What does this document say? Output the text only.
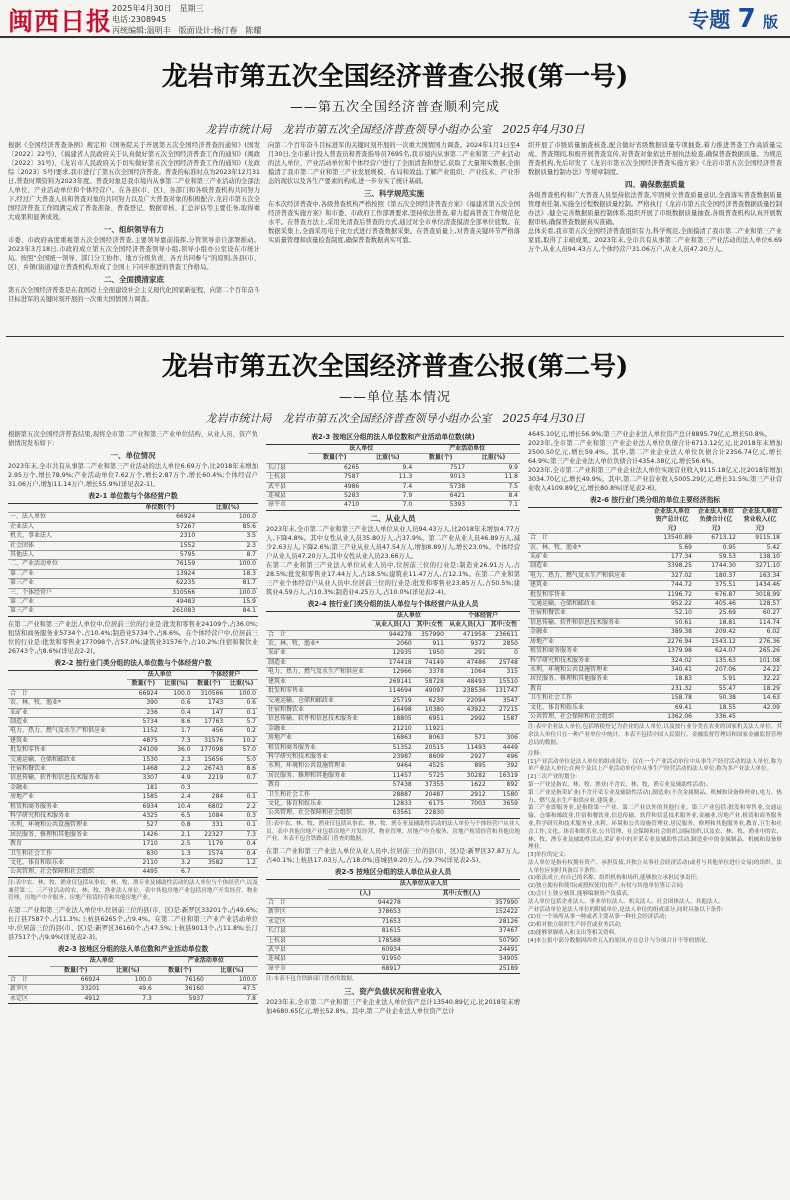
闽西日报 2025年4月30日　星期三
电话:2308945
丙统编辑:温明丰　版面设计:杨汀春　陈耀	专题 7 版
龙岩市第五次全国经济普查公报(第一号)
——第五次全国经济普查顺利完成
龙岩市统计局　龙岩市第五次全国经济普查领导小组办公室　2025年4月30日

根据《全国经济普查条例》规定和《国务院关于开展第五次全国经济普查的通知》(国发〔2022〕22号)、《福建省人民政府关于认真做好第五次全国经济普查工作的通知》(闽政〔2022〕31号)、《龙岩市人民政府关于切实做好第五次全国经济普查工作的通知》(龙政综〔2023〕5号)要求,我市进行了第五次全国经济普查。普查的标准时点为2023年12月31日,普查时期资料为2023年度。普查对象是我市境内从事第二产业和第三产业活动的全部法人单位、产业活动单位和个体经营户。在各县(市、区)、各部门和各级普查机构共同努力下,经过广大普查人员和普查对象的共同努力以及广大普查对象的积极配合,龙岩市第五次全国经济普查工作圆满完成了普查准备、普查登记、数据审核、汇总评估等主要任务,取得重大成果和显著成效。

一、组织领导有力

市委、市政府高度重视第五次全国经济普查,主要领导靠前指挥,分管领导亲自部署推动。2023年3月18日,市政府成立第五次全国经济普查领导小组,领导小组办公室设在市统计局。按照“全国统一领导、部门分工协作、地方分级负责、各方共同参与”的原则,各县(市、区)、乡镇(街道)建立普查机构,形成了全国上下同步推进的普查工作格局。

二、全面摸清家底

第五次全国经济普查是在我国迈上全面建设社会主义现代化国家新征程、向第二个百年奋斗目标进军的关键时刻开展的一次重大国情国力调查。

向第二个百年奋斗目标进军的关键时刻开展的一次重大国情国力调查。2024年1月1日至4月30日,全市累计投入普查员和普查指导员7695名,我市境内从事第二产业和第三产业活动的法人单位、产业活动单位和个体经营户进行了全面清查和登记,获取了大量翔实数据,全面摸清了我市第二产业和第三产业发展规模、布局和效益,了解产业组织、产业技术、产业形态的现状以及各生产要素的构成,进一步夯实了统计基础。

三、科学规范实施

在本次经济普查中,各级普查机构严格按照《第五次全国经济普查方案》《福建省第五次全国经济普查实施方案》和市委、市政府工作部署要求,坚持依法普查,着力提高普查工作规范化水平。在普查方法上,采用先清查后普查的方式,通过对全市单位清查摸清全部单位底数。在数据采集上,全面采用电子化方式进行普查数据采集。在普查质量上,对普查关键环节严格落实质量管理和质量检查制度,确保普查数据真实可靠。

织开展了市级质量抽查核查,配合做好省级数据质量专项抽查,着力推进普查工作高质量完成。普查期间,积极开展普查宣传,对普查对象依法开展执法检查,确保普查数据质量。为规范普查机构,先后印发了《龙岩市第五次全国经济普查实施方案》《龙岩市第五次全国经济普查数据质量控制办法》等规章制度。

四、确保数据质量

各级普查机构和广大普查人员坚持依法普查,牢固树立普查质量意识,全面落实普查数据质量管理责任制,实施全过程数据质量控制。严格执行《龙岩市第五次全国经济普查数据质量控制办法》,健全完善数据质量控制体系,组织开展了市级数据质量抽查,各级普查机构认真开展数据审核,确保普查数据真实准确。

总体来看,我市第五次全国经济普查组织有力,科学规范,全面摸清了我市第二产业和第三产业家底,取得了丰硕成果。2023年末,全市共有从事第二产业和第三产业活动的法人单位6.69万个,从业人员94.43万人,个体经营户31.06万户,从业人员47.20万人。

龙岩市第五次全国经济普查公报(第二号)
——单位基本情况
龙岩市统计局　龙岩市第五次全国经济普查领导小组办公室　2025年4月30日

根据第五次全国经济普查结果,现将全市第二产业和第三产业单位结构、从业人员、资产负债情况发布如下:

一、单位情况

2023年末,全市共有从事第二产业和第三产业活动的法人单位6.69万个,比2018年末增加2.95万个,增长78.9%;产业活动单位7.62万个,增长2.87万个,增长60.4%;个体经营户31.06万户,增加11.14万户,增长55.9%(详见表2-1)。

表2-1 单位数与个体经营户数
	单位数(个)	比重(%)
一、法人单位	66924	100.0
企业法人	57267	85.6
机关、事业法人	2310	3.5
社会团体	1552	2.3
其他法人	5795	8.7
二、产业活动单位	76159	100.0
第二产业	13924	18.3
第三产业	62235	81.7
三、个体经营户	310566	100.0
第二产业	49483	15.9
第三产业	261083	84.1

在第二产业和第三产业法人单位中,位居前三位的行业是:批发和零售业24109个,占36.0%;租赁和商务服务业5734个,占10.4%;制造业5734个,占8.6%。在个体经营户中,位居前三位的行业是:批发和零售业177098个,占57.0%;建筑业31576个,占10.2%;住宿和餐饮业26743个,占8.6%(详见表2-2)。

表2-2 按行业门类分组的法人单位数与个体经营户数
	法人单位		个体经营户	
	数量(个)	比重(%)	数量(个)	比重(%)
合　计	66924	100.0	310566	100.0
农、林、牧、渔业*	390	0.6	1743	0.6
采矿业	236	0.4	147	0.1
制造业	5734	8.6	17763	5.7
电力、热力、燃气及水生产和供应业	1152	1.7	456	0.2
建筑业	4875	7.3	31576	10.2
批发和零售业	24109	36.0	177098	57.0
交通运输、仓储和邮政业	1530	2.3	15656	5.0
住宿和餐饮业	1468	2.2	26743	8.6
信息传输、软件和信息技术服务业	3307	4.9	2219	0.7
金融业	181	0.3		
房地产业	1585	2.4	284	0.1
租赁和商务服务业	6934	10.4	6802	2.2
科学研究和技术服务业	4325	6.5	1084	0.3
水利、环境和公共设施管理业	527	0.8	331	0.1
居民服务、修理和其他服务业	1426	2.1	22327	7.3
教育	1710	2.5	1179	0.4
卫生和社会工作	830	1.3	1574	0.4
文化、体育和娱乐业	2110	3.2	3582	1.2
公共管理、社会保障和社会组织	4495	6.7		

注:表中农、林、牧、渔业仅包括从事农、林、牧、渔专业及辅助性活动的法人单位与个体经营户,以及兼营第二、三产业活动的农、林、牧、渔业法人单位。表中其他房地产业包括房地产开发经营、物业管理、房地产中介服务、房地产租赁经营和其他房地产业。

在第二产业和第三产业法人单位中,位居前三位的县(市、区)是:新罗区33201个,占49.6%;长汀县7587个,占11.3%;上杭县6265个,占9.4%。在第二产业和第三产业产业活动单位中,位居前三位的县(市、区)是:新罗区36160个,占47.5%;上杭县9013个,占11.8%;长汀县7517个,占9.9%(详见表2-3)。

表2-3 按地区分组的法人单位数和产业活动单位数
	法人单位		产业活动单位	
	数量(个)	比重(%)	数量(个)	比重(%)
合　计	66924	100.0	76160	100.0
新罗区	33201	49.6	36160	47.5
永定区	4912	7.3	5937	7.8
表2-3 按地区分组的法人单位数和产业活动单位数(续)
	法人单位		产业活动单位	
	数量(个)	比重(%)	数量(个)	比重(%)
长汀县	6265	9.4	7517	9.9
上杭县	7587	11.3	9013	11.8
武平县	4986	7.4	5738	7.5
连城县	5283	7.9	6421	8.4
漳平市	4710	7.0	5393	7.1
二、从业人员

2023年末,全市第二产业和第三产业法人单位从业人员94.43万人,比2018年末增加4.77万人,下降4.8%。其中女性从业人员35.80万人,占37.9%。第二产业从业人员46.89万人,减少2.63万人,下降2.6%;第三产业从业人员47.54万人,增加8.89万人,增长23.0%。个体经营户从业人员47.20万人,其中女性从业人员23.66万人。

在第二产业和第三产业法人单位从业人员中,位居前三位的行业是:制造业26.91万人,占28.5%;批发和零售业17.44万人,占18.5%;建筑业11.47万人,占12.1%。在第二产业和第三产业个体经营户从业人员中,位居前三位的行业是:批发和零售业23.85万人,占50.5%;建筑业4.59万人,占10.3%;制造业4.25万人,占10.0%(详见表2-4)。

表2-4 按行业门类分组的法人单位与个体经营户从业人员
	法人单位		个体经营户	
	从业人员(人)	其中:女性	从业人员(人)	其中:女性
合　计	944278	357990	471958	236611
农、林、牧、渔业*	2060	911	9372	2850
采矿业	12935	1950	291	0
制造业	174418	74149	47486	25748
电力、热力、燃气及水生产和供应业	12966	3378	1064	315
建筑业	269141	58728	48493	15510
批发和零售业	114694	49097	238536	131747
交通运输、仓储和邮政业	25719	6239	22094	3547
住宿和餐饮业	16498	10380	43922	27215
信息传输、软件和信息技术服务业	18805	6951	2992	1587
金融业	21210	11921		
房地产业	16863	8063	571	306
租赁和商务服务业	51352	20515	11493	4449
科学研究和技术服务业	23987	8609	2927	496
水利、环境和公共设施管理业	9464	4525	895	392
居民服务、修理和其他服务业	11457	5725	30282	16319
教育	57438	37355	1622	892
卫生和社会工作	28887	20487	2912	1580
文化、体育和娱乐业	12833	6175	7003	3659
公共管理、社会保障和社会组织	63561	22830		

注:表中农、林、牧、渔业仅包括从事农、林、牧、渔专业及辅助性活动的法人单位与个体经营户从业人员。表中其他房地产业包括房地产开发经营、物业管理、房地产中介服务、房地产租赁经营和其他房地产业。本表不包含铁路部门普查的数据。

在第二产业和第三产业法人单位从业人员中,位居前三位的县(市、区)是:新罗区37.87万人,占40.1%;上杭县17.03万人,占18.0%;连城县9.20万人,占9.7%(详见表2-5)。

表2-5 按地区分组的法人单位从业人员
	法人单位从业人员	
	(人)	其中:女性(人)
合　计	944278	357990
新罗区	378653	152422
永定区	71653	28126
长汀县	81615	37467
上杭县	178588	50790
武平县	60934	24491
连城县	91950	34905
漳平市	68917	25189

注:本表不包含铁路部门普查的数据。

三、资产负债状况和营业收入

2023年末,全市第二产业和第三产业企业法人单位资产总计13540.89亿元,比2018年末增加4680.65亿元,增长52.8%。其中,第二产业企业法人单位资产总计

4645.10亿元,增长56.9%;第三产业企业法人单位资产总计8895.79亿元,增长50.8%。

2023年,全市第二产业和第三产业企业法人单位负债合计6713.12亿元,比2018年末增加2500.50亿元,增长59.4%。其中,第二产业企业法人单位负债合计2356.74亿元,增长64.9%;第三产业企业法人单位负债合计4354.38亿元,增长56.6%。

2023年,全市第二产业和第三产业企业法人单位实现营业收入9115.18亿元,比2018年增加3034.70亿元,增长49.9%。其中,第二产业营业收入5005.29亿元,增长31.5%;第三产业营业收入4109.89亿元,增长80.8%(详见表2-6)。

表2-6 按行业门类分组的单位主要经济指标
	企业法人单位资产总计(亿元)	企业法人单位负债合计(亿元)	企业法人单位营业收入(亿元)
合　计	13540.89	6713.12	9115.18
农、林、牧、渔业*	5.69	0.95	5.42
采矿业	177.34	59.53	138.10
制造业	3398.25	1744.30	3271.10
电力、热力、燃气及水生产和供应业	327.02	180.37	163.34
建筑业	744.72	375.51	1434.46
批发和零售业	1196.72	676.87	3018.99
交通运输、仓储和邮政业	952.22	405.46	128.57
住宿和餐饮业	52.10	25.69	60.27
信息传输、软件和信息技术服务业	50.61	18.81	114.74
金融业	389.38	209.42	6.02
房地产业	2276.94	1543.12	276.36
租赁和商务服务业	1379.98	624.07	265.26
科学研究和技术服务业	324.02	135.63	101.08
水利、环境和公共设施管理业	340.41	207.06	24.22
居民服务、修理和其他服务业	18.83	5.91	32.22
教育	231.32	55.47	18.29
卫生和社会工作	158.78	50.38	14.63
文化、体育和娱乐业	69.41	18.55	42.09
公共管理、社会保障和社会组织	1362.06	336.45	

注:表中企业法人单位,包括纳税登记为企业的法人单位,以及按行业分类在农业的国家机关法人单位。其余法人单位只在一种产业单位中统计。本表不包括中国人民银行、金融监督管理局和国家金融监督管理总局的数据。

注释:

[1]产业活动单位是法人单位的组成部分。仅在一个产业活动单位中从事生产经营活动的法人单位,称为单产业法人单位;在两个及以上产业活动单位中从事生产经营活动的法人单位,称为多产业法人单位。

[2]三次产业的划分:

第一产业是指农、林、牧、渔业(不含农、林、牧、渔专业及辅助性活动)。

第二产业是指采矿业(不含开采专业及辅助性活动),制造业(不含金属制品、机械和设备修理业),电力、热力、燃气及水生产和供应业,建筑业。

第三产业即服务业,是指除第一产业、第二产业以外的其他行业。第三产业包括:批发和零售业,交通运输、仓储和邮政业,住宿和餐饮业,信息传输、软件和信息技术服务业,金融业,房地产业,租赁和商务服务业,科学研究和技术服务业,水利、环境和公共设施管理业,居民服务、修理和其他服务业,教育,卫生和社会工作,文化、体育和娱乐业,公共管理、社会保障和社会组织,国际组织,以及农、林、牧、渔业中的农、林、牧、渔专业及辅助性活动,采矿业中的开采专业及辅助性活动,制造业中的金属制品、机械和设备修理业。

[3]单位的定义:

法人单位是指有权拥有资产、承担负债,并独立从事社会经济活动(或者与其他单位进行交易)的组织。法人单位应同时具备以下条件:

(1)依法成立,有自己的名称、组织机构和场所,能够独立承担民事责任;

(2)独立拥有和使用(或授权使用)资产,有权与其他单位签订合同;

(3)会计上独立核算,能够编制资产负债表。

法人单位包括企业法人、事业单位法人、机关法人、社会团体法人、其他法人。

产业活动单位是法人单位的附属单位,是法人单位的组成部分,同时具备以下条件:

(1)在一个场所从事一种或者主要从事一种社会经济活动;

(2)相对独立组织生产经营或业务活动;

(3)能够掌握收入和支出等相关资料。

[4]本公报中部分数据因四舍五入的原因,存在总计与分项合计不等的情况。
